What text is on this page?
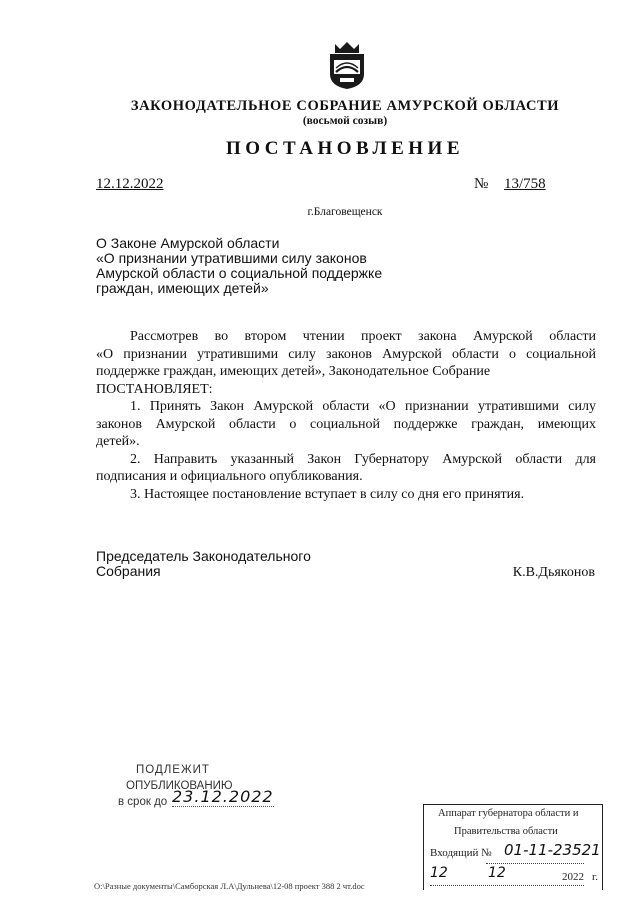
ЗАКОНОДАТЕЛЬНОЕ СОБРАНИЕ АМУРСКОЙ ОБЛАСТИ
(восьмой созыв)
ПОСТАНОВЛЕНИЕ
12.12.2022	№ 13/758
г.Благовещенск
О Законе Амурской области
«О признании утратившими силу законов
Амурской области о социальной поддержке
граждан, имеющих детей»
Рассмотрев во втором чтении проект закона Амурской области
«О признании утратившими силу законов Амурской области о социальной
поддержке граждан, имеющих детей», Законодательное Собрание
ПОСТАНОВЛЯЕТ:
1. Принять Закон Амурской области «О признании утратившими силу
законов Амурской области о социальной поддержке граждан, имеющих
детей».
2. Направить указанный Закон Губернатору Амурской области для
подписания и официального опубликования.
3. Настоящее постановление вступает в силу со дня его принятия.
Председатель Законодательного
Собрания	К.В.Дьяконов
ПОДЛЕЖИТ
ОПУБЛИКОВАНИЮ
в срок до 23.12.2022
Аппарат губернатора области и
Правительства области
Входящий № 01-11-23521
12	12	2022 г.
O:\Разные документы\Самборская Л.А\Дульнева\12-08 проект 388 2 чт.doc
